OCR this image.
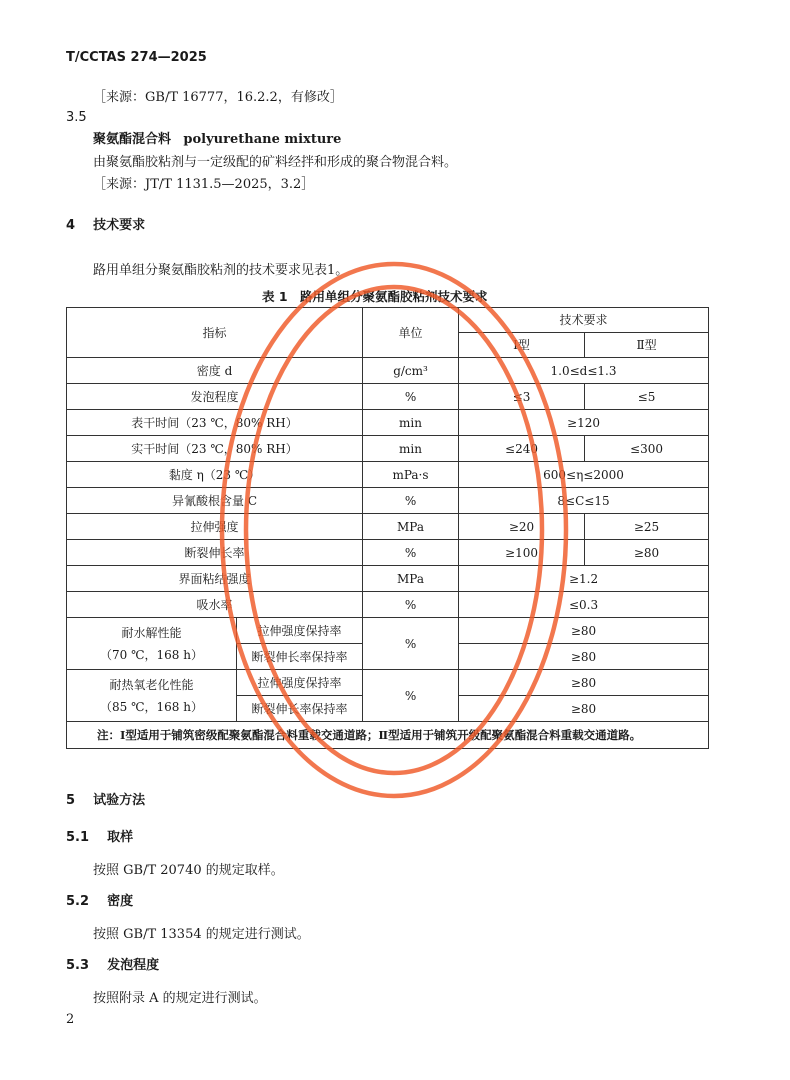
T/CCTAS 274—2025
［来源：GB/T 16777，16.2.2，有修改］
3.5
聚氨酯混合料 polyurethane mixture
由聚氨酯胶粘剂与一定级配的矿料经拌和形成的聚合物混合料。
［来源：JT/T 1131.5—2025，3.2］
4 技术要求
路用单组分聚氨酯胶粘剂的技术要求见表1。
表 1　路用单组分聚氨酯胶粘剂技术要求
指标		单位	技术要求	
			Ⅰ型	Ⅱ型
密度 d		g/cm³	1.0≤d≤1.3	
发泡程度		%	≤3	≤5
表干时间（23 ℃，80% RH）		min	≥120	
实干时间（23 ℃，80% RH）		min	≤240	≤300
黏度 η（23 ℃）		mPa·s	600≤η≤2000	
异氰酸根含量 C		%	8≤C≤15	
拉伸强度		MPa	≥20	≥25
断裂伸长率		%	≥100	≥80
界面粘结强度		MPa	≥1.2	
吸水率		%	≤0.3	

耐水解性能
（70 ℃，168 h）	拉伸强度保持率	%	≥80	
	断裂伸长率保持率		≥80	

耐热氧老化性能
（85 ℃，168 h）	拉伸强度保持率	%	≥80	
	断裂伸长率保持率		≥80	
注：Ⅰ型适用于铺筑密级配聚氨酯混合料重载交通道路；Ⅱ型适用于铺筑开级配聚氨酯混合料重载交通道路。				
5 试验方法
5.1 取样
按照 GB/T 20740 的规定取样。
5.2 密度
按照 GB/T 13354 的规定进行测试。
5.3 发泡程度
按照附录 A 的规定进行测试。
2
